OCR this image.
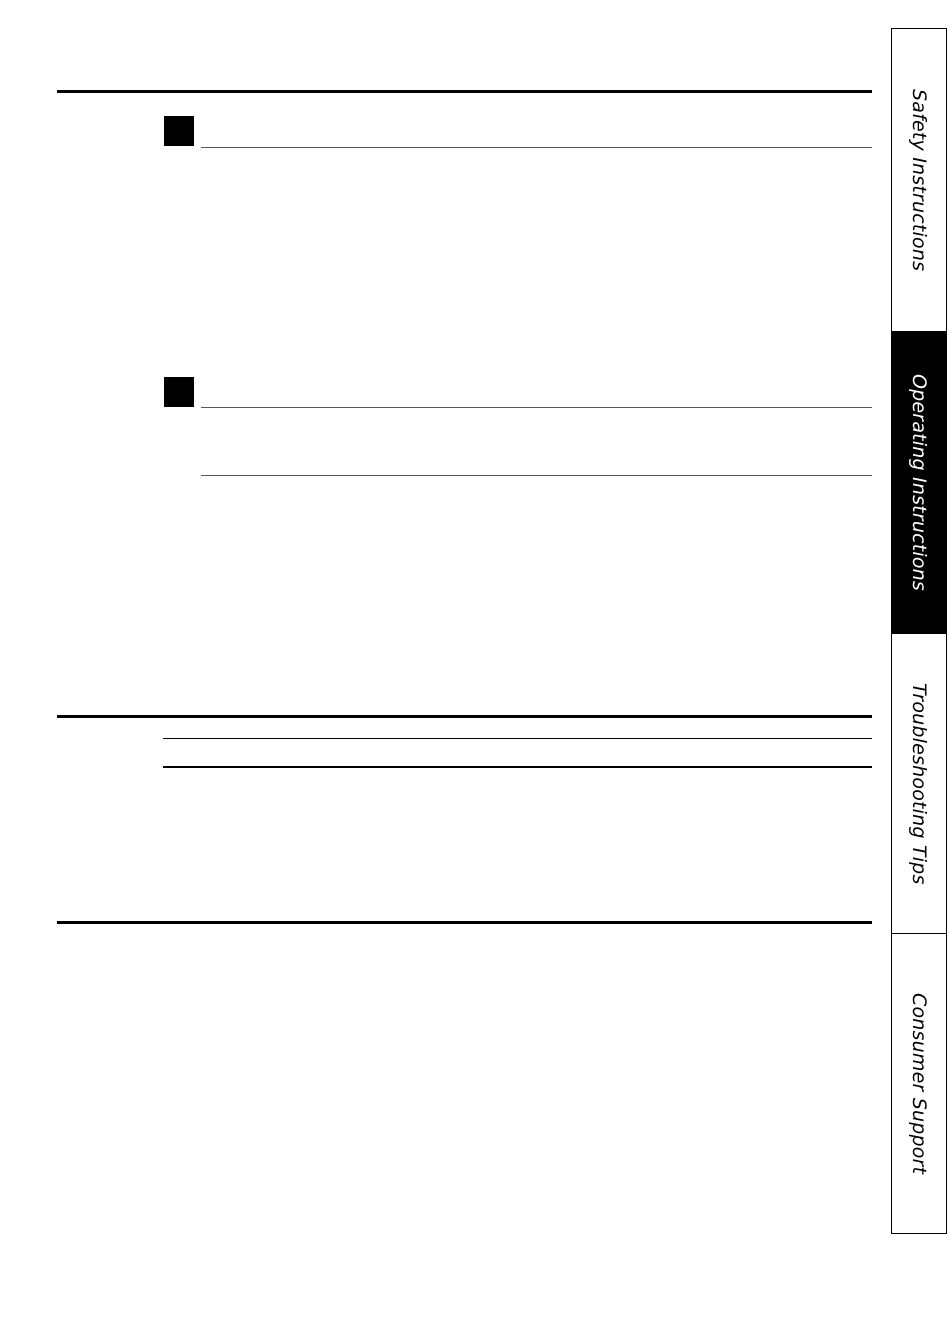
Safety Instructions
Operating Instructions
Troubleshooting Tips
Consumer Support
